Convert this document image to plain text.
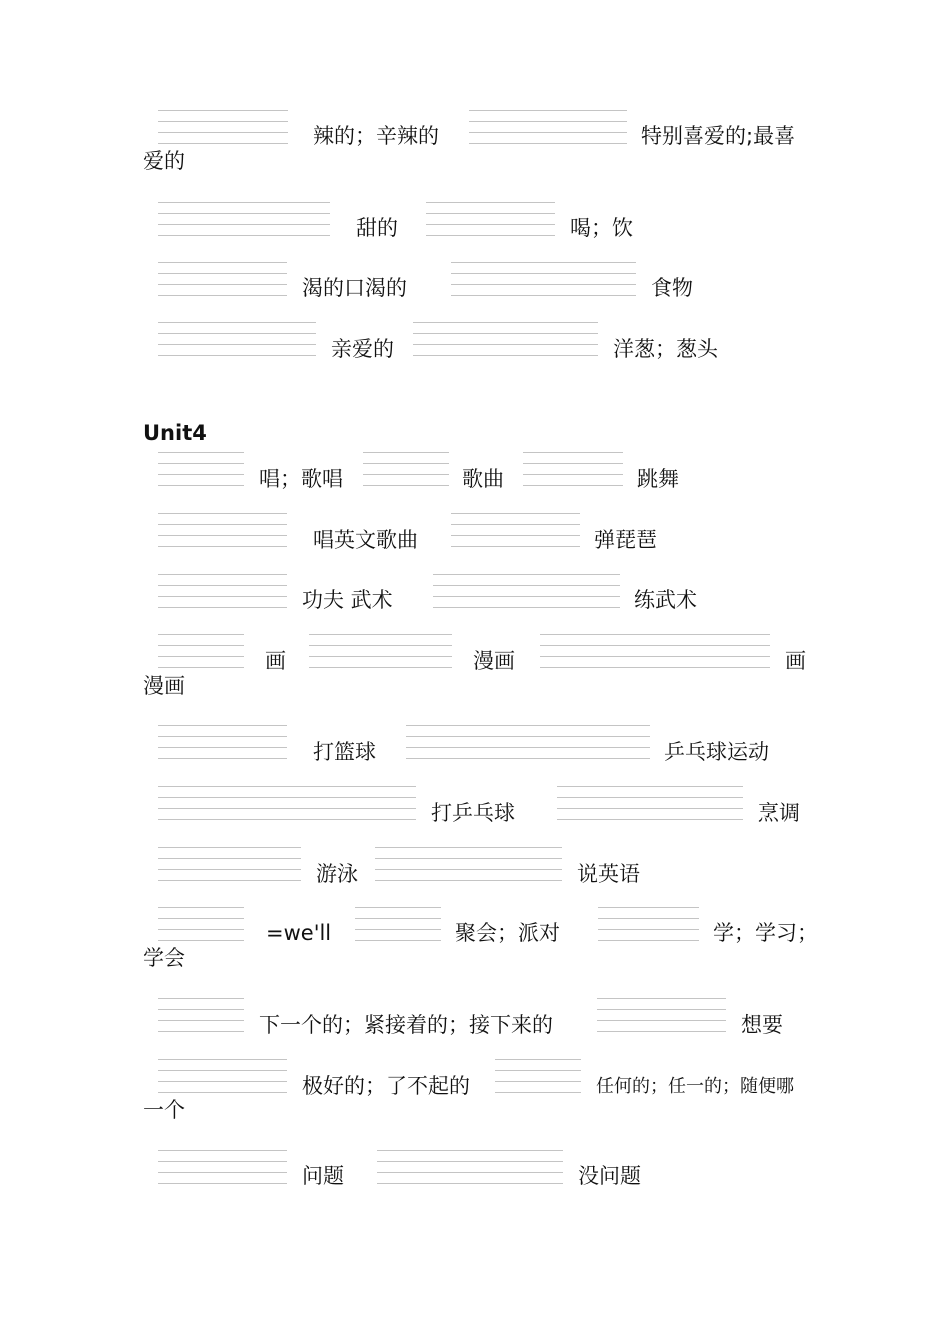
辣的；辛辣的	特别喜爱的;最喜
爱的
甜的	喝；饮
渴的口渴的	食物
亲爱的	洋葱；葱头
Unit4
唱；歌唱	歌曲	跳舞
唱英文歌曲	弹琵琶
功夫 武术	练武术
画	漫画	画
漫画
打篮球	乒乓球运动
打乒乓球	烹调
游泳	说英语
=we'll	聚会；派对	学；学习；
学会
下一个的；紧接着的；接下来的	想要
极好的；了不起的	任何的；任一的；随便哪
一个
问题	没问题
